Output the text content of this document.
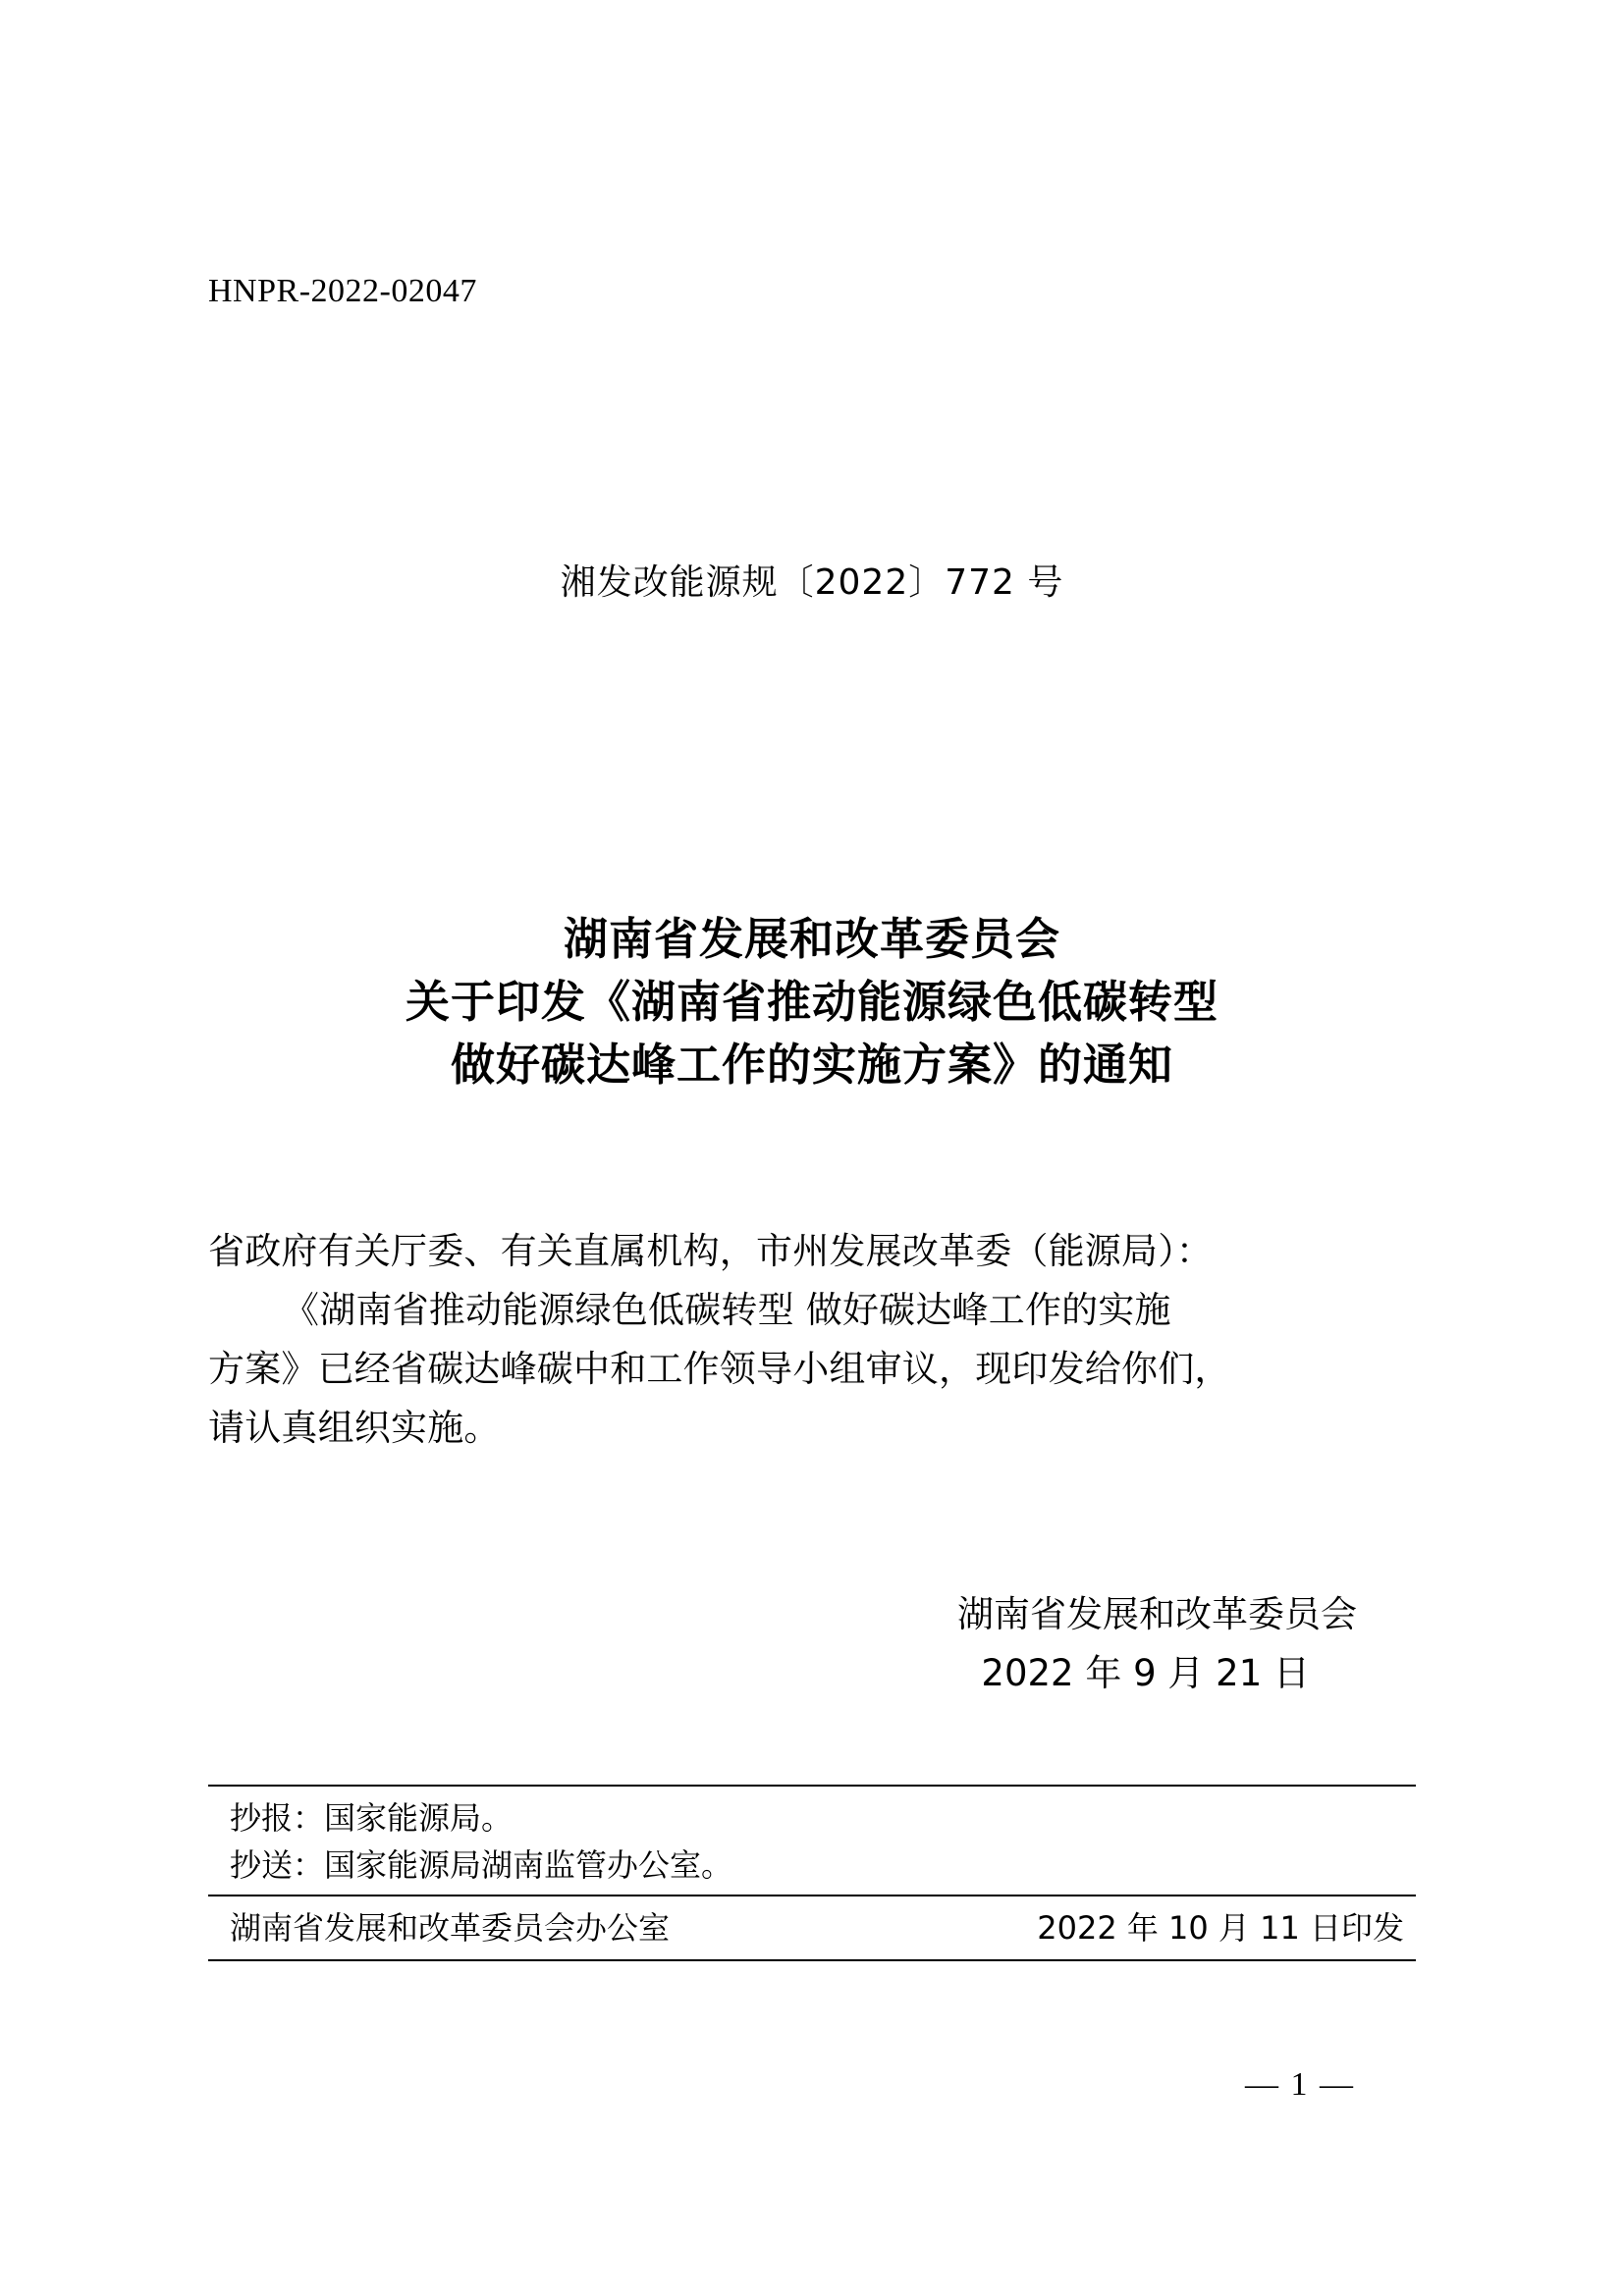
HNPR-2022-02047
湘发改能源规〔2022〕772 号
湖南省发展和改革委员会
关于印发《湖南省推动能源绿色低碳转型
做好碳达峰工作的实施方案》的通知

省政府有关厅委、有关直属机构，市州发展改革委（能源局）：

《湖南省推动能源绿色低碳转型 做好碳达峰工作的实施

方案》已经省碳达峰碳中和工作领导小组审议，现印发给你们，

请认真组织实施。

湖南省发展和改革委员会
2022 年 9 月 21 日
抄报：国家能源局。
抄送：国家能源局湖南监管办公室。
湖南省发展和改革委员会办公室	2022 年 10 月 11 日印发
— 1 —
